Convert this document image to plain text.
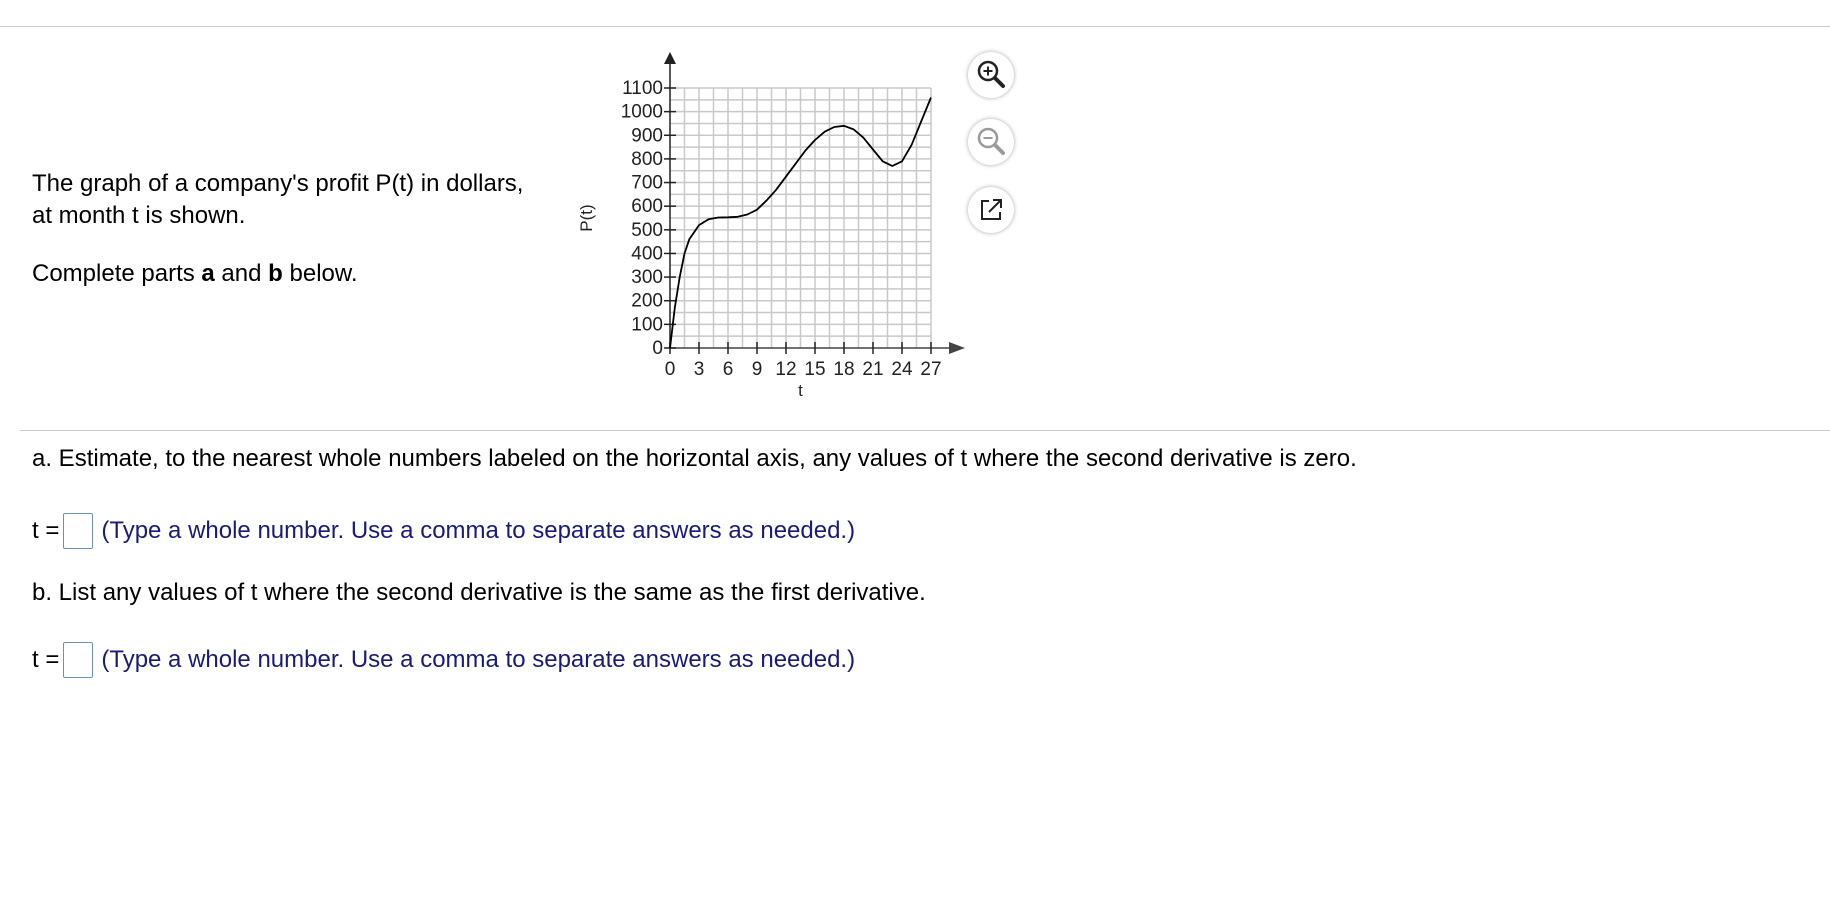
The graph of a company's profit P(t) in dollars,

at month t is shown.

Complete parts a and b below.

0
100
200
300
400
500
600
700
800
900
1000
1100
0 3 6 9 12 15 18 21 24 27
t
P(t)

a. Estimate, to the nearest whole numbers labeled on the horizontal axis, any values of t where the second derivative is zero.

t = (Type a whole number. Use a comma to separate answers as needed.)

b. List any values of t where the second derivative is the same as the first derivative.

t = (Type a whole number. Use a comma to separate answers as needed.)
